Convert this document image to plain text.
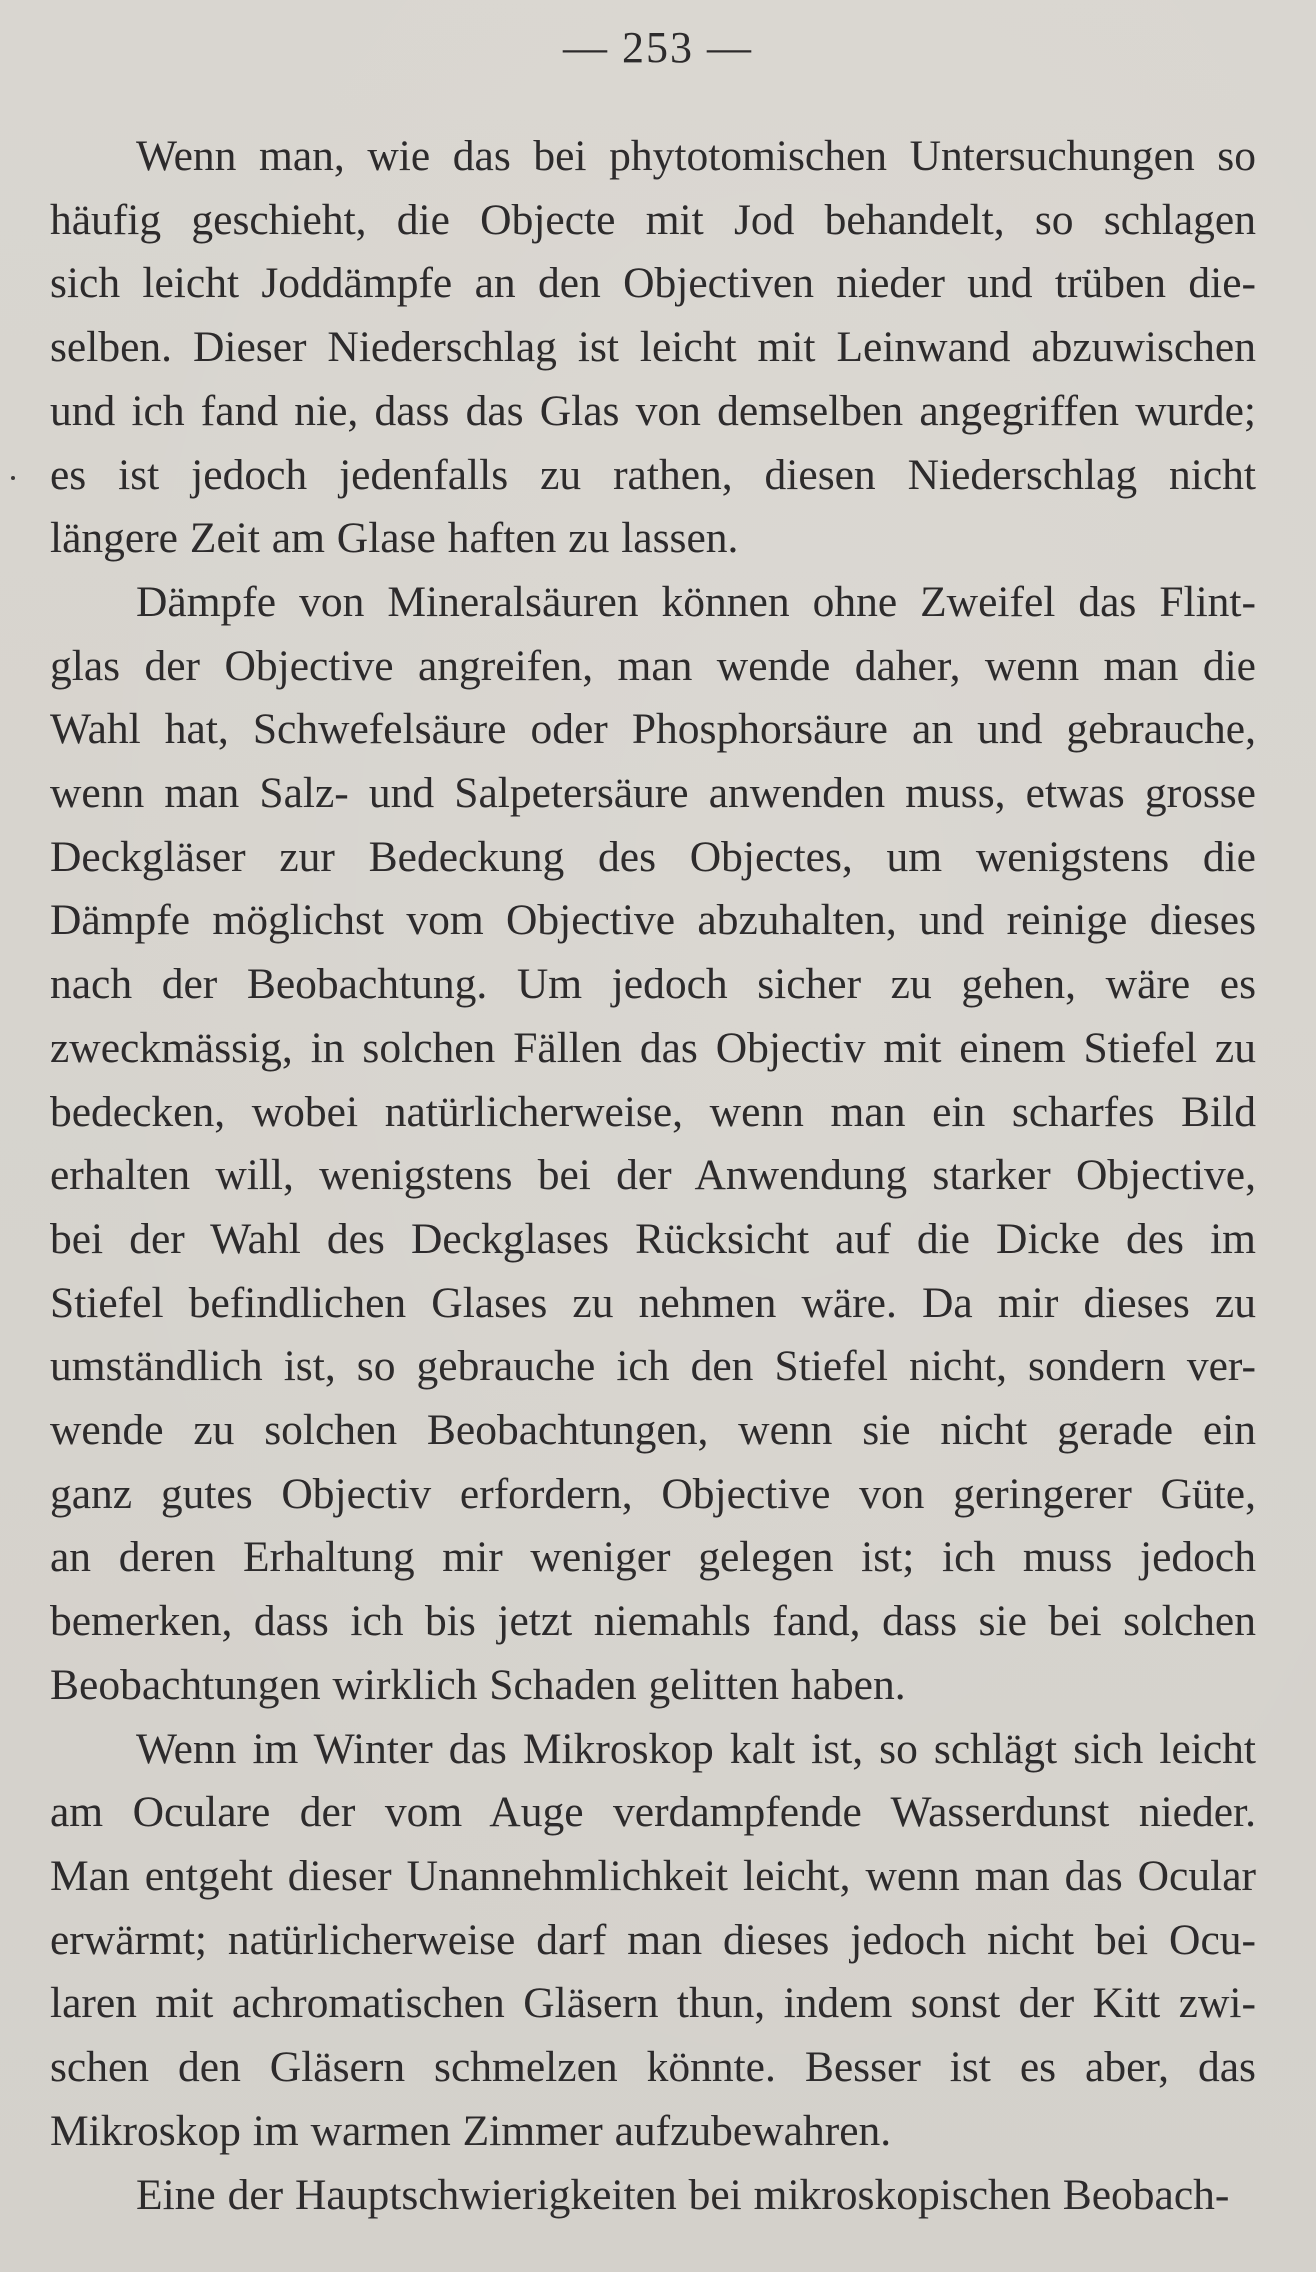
— 253 —

Wenn man, wie das bei phytotomischen Untersuchungen so
häufig geschieht, die Objecte mit Jod behandelt, so schlagen
sich leicht Joddämpfe an den Objectiven nieder und trüben die-
selben. Dieser Niederschlag ist leicht mit Leinwand abzuwischen
und ich fand nie, dass das Glas von demselben angegriffen wurde;
es ist jedoch jedenfalls zu rathen, diesen Niederschlag nicht
längere Zeit am Glase haften zu lassen.

Dämpfe von Mineralsäuren können ohne Zweifel das Flint-
glas der Objective angreifen, man wende daher, wenn man die
Wahl hat, Schwefelsäure oder Phosphorsäure an und gebrauche,
wenn man Salz- und Salpetersäure anwenden muss, etwas grosse
Deckgläser zur Bedeckung des Objectes, um wenigstens die
Dämpfe möglichst vom Objective abzuhalten, und reinige dieses
nach der Beobachtung. Um jedoch sicher zu gehen, wäre es
zweckmässig, in solchen Fällen das Objectiv mit einem Stiefel zu
bedecken, wobei natürlicherweise, wenn man ein scharfes Bild
erhalten will, wenigstens bei der Anwendung starker Objective,
bei der Wahl des Deckglases Rücksicht auf die Dicke des im
Stiefel befindlichen Glases zu nehmen wäre. Da mir dieses zu
umständlich ist, so gebrauche ich den Stiefel nicht, sondern ver-
wende zu solchen Beobachtungen, wenn sie nicht gerade ein
ganz gutes Objectiv erfordern, Objective von geringerer Güte,
an deren Erhaltung mir weniger gelegen ist; ich muss jedoch
bemerken, dass ich bis jetzt niemahls fand, dass sie bei solchen
Beobachtungen wirklich Schaden gelitten haben.

Wenn im Winter das Mikroskop kalt ist, so schlägt sich leicht
am Oculare der vom Auge verdampfende Wasserdunst nieder.
Man entgeht dieser Unannehmlichkeit leicht, wenn man das Ocular
erwärmt; natürlicherweise darf man dieses jedoch nicht bei Ocu-
laren mit achromatischen Gläsern thun, indem sonst der Kitt zwi-
schen den Gläsern schmelzen könnte. Besser ist es aber, das
Mikroskop im warmen Zimmer aufzubewahren.

Eine der Hauptschwierigkeiten bei mikroskopischen Beobach-
